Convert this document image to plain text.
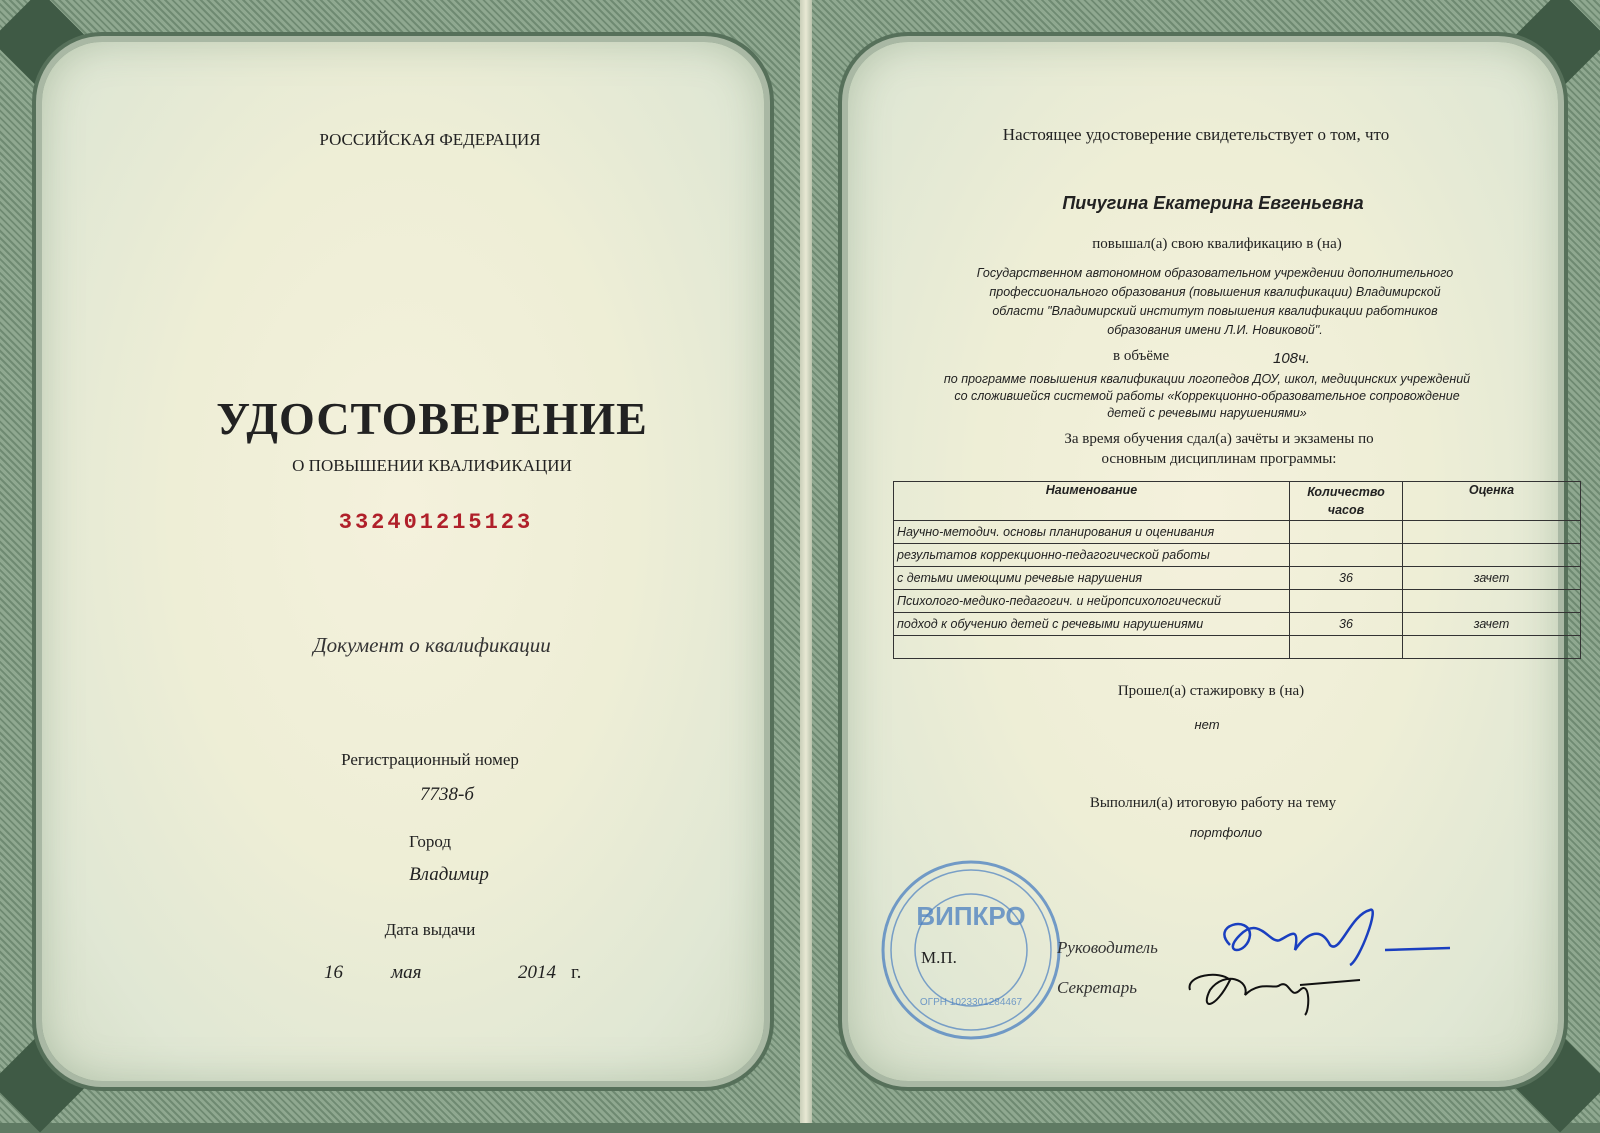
РОССИЙСКАЯ ФЕДЕРАЦИЯ
УДОСТОВЕРЕНИЕ
О ПОВЫШЕНИИ КВАЛИФИКАЦИИ
332401215123
Документ о квалификации
Регистрационный номер
7738-б
Город
Владимир
Дата выдачи
16	мая	2014 г.
Настоящее удостоверение свидетельствует о том, что
Пичугина Екатерина Евгеньевна
повышал(а) свою квалификацию в (на)
Государственном автономном образовательном учреждении дополнительного
профессионального образования (повышения квалификации) Владимирской
области "Владимирский институт повышения квалификации работников
образования имени Л.И. Новиковой".
в объёме	108ч.
по программе повышения квалификации логопедов ДОУ, школ, медицинских учреждений
со сложившейся системой работы «Коррекционно-образовательное сопровождение
детей с речевыми нарушениями»
За время обучения сдал(а) зачёты и экзамены по
основным дисциплинам программы:
Наименование	Количество часов	Оценка
Научно-методич. основы планирования и оценивания		
результатов коррекционно-педагогической работы		
с детьми имеющими речевые нарушения	36	зачет
Психолого-медико-педагогич. и нейропсихологический		
подход к обучению детей с речевыми нарушениями	36	зачет

Прошел(а) стажировку в (на)
нет
Выполнил(а) итоговую работу на тему
портфолио
ВИПКРО
ОГРН 1023301284467
М.П.
Руководитель
Секретарь
